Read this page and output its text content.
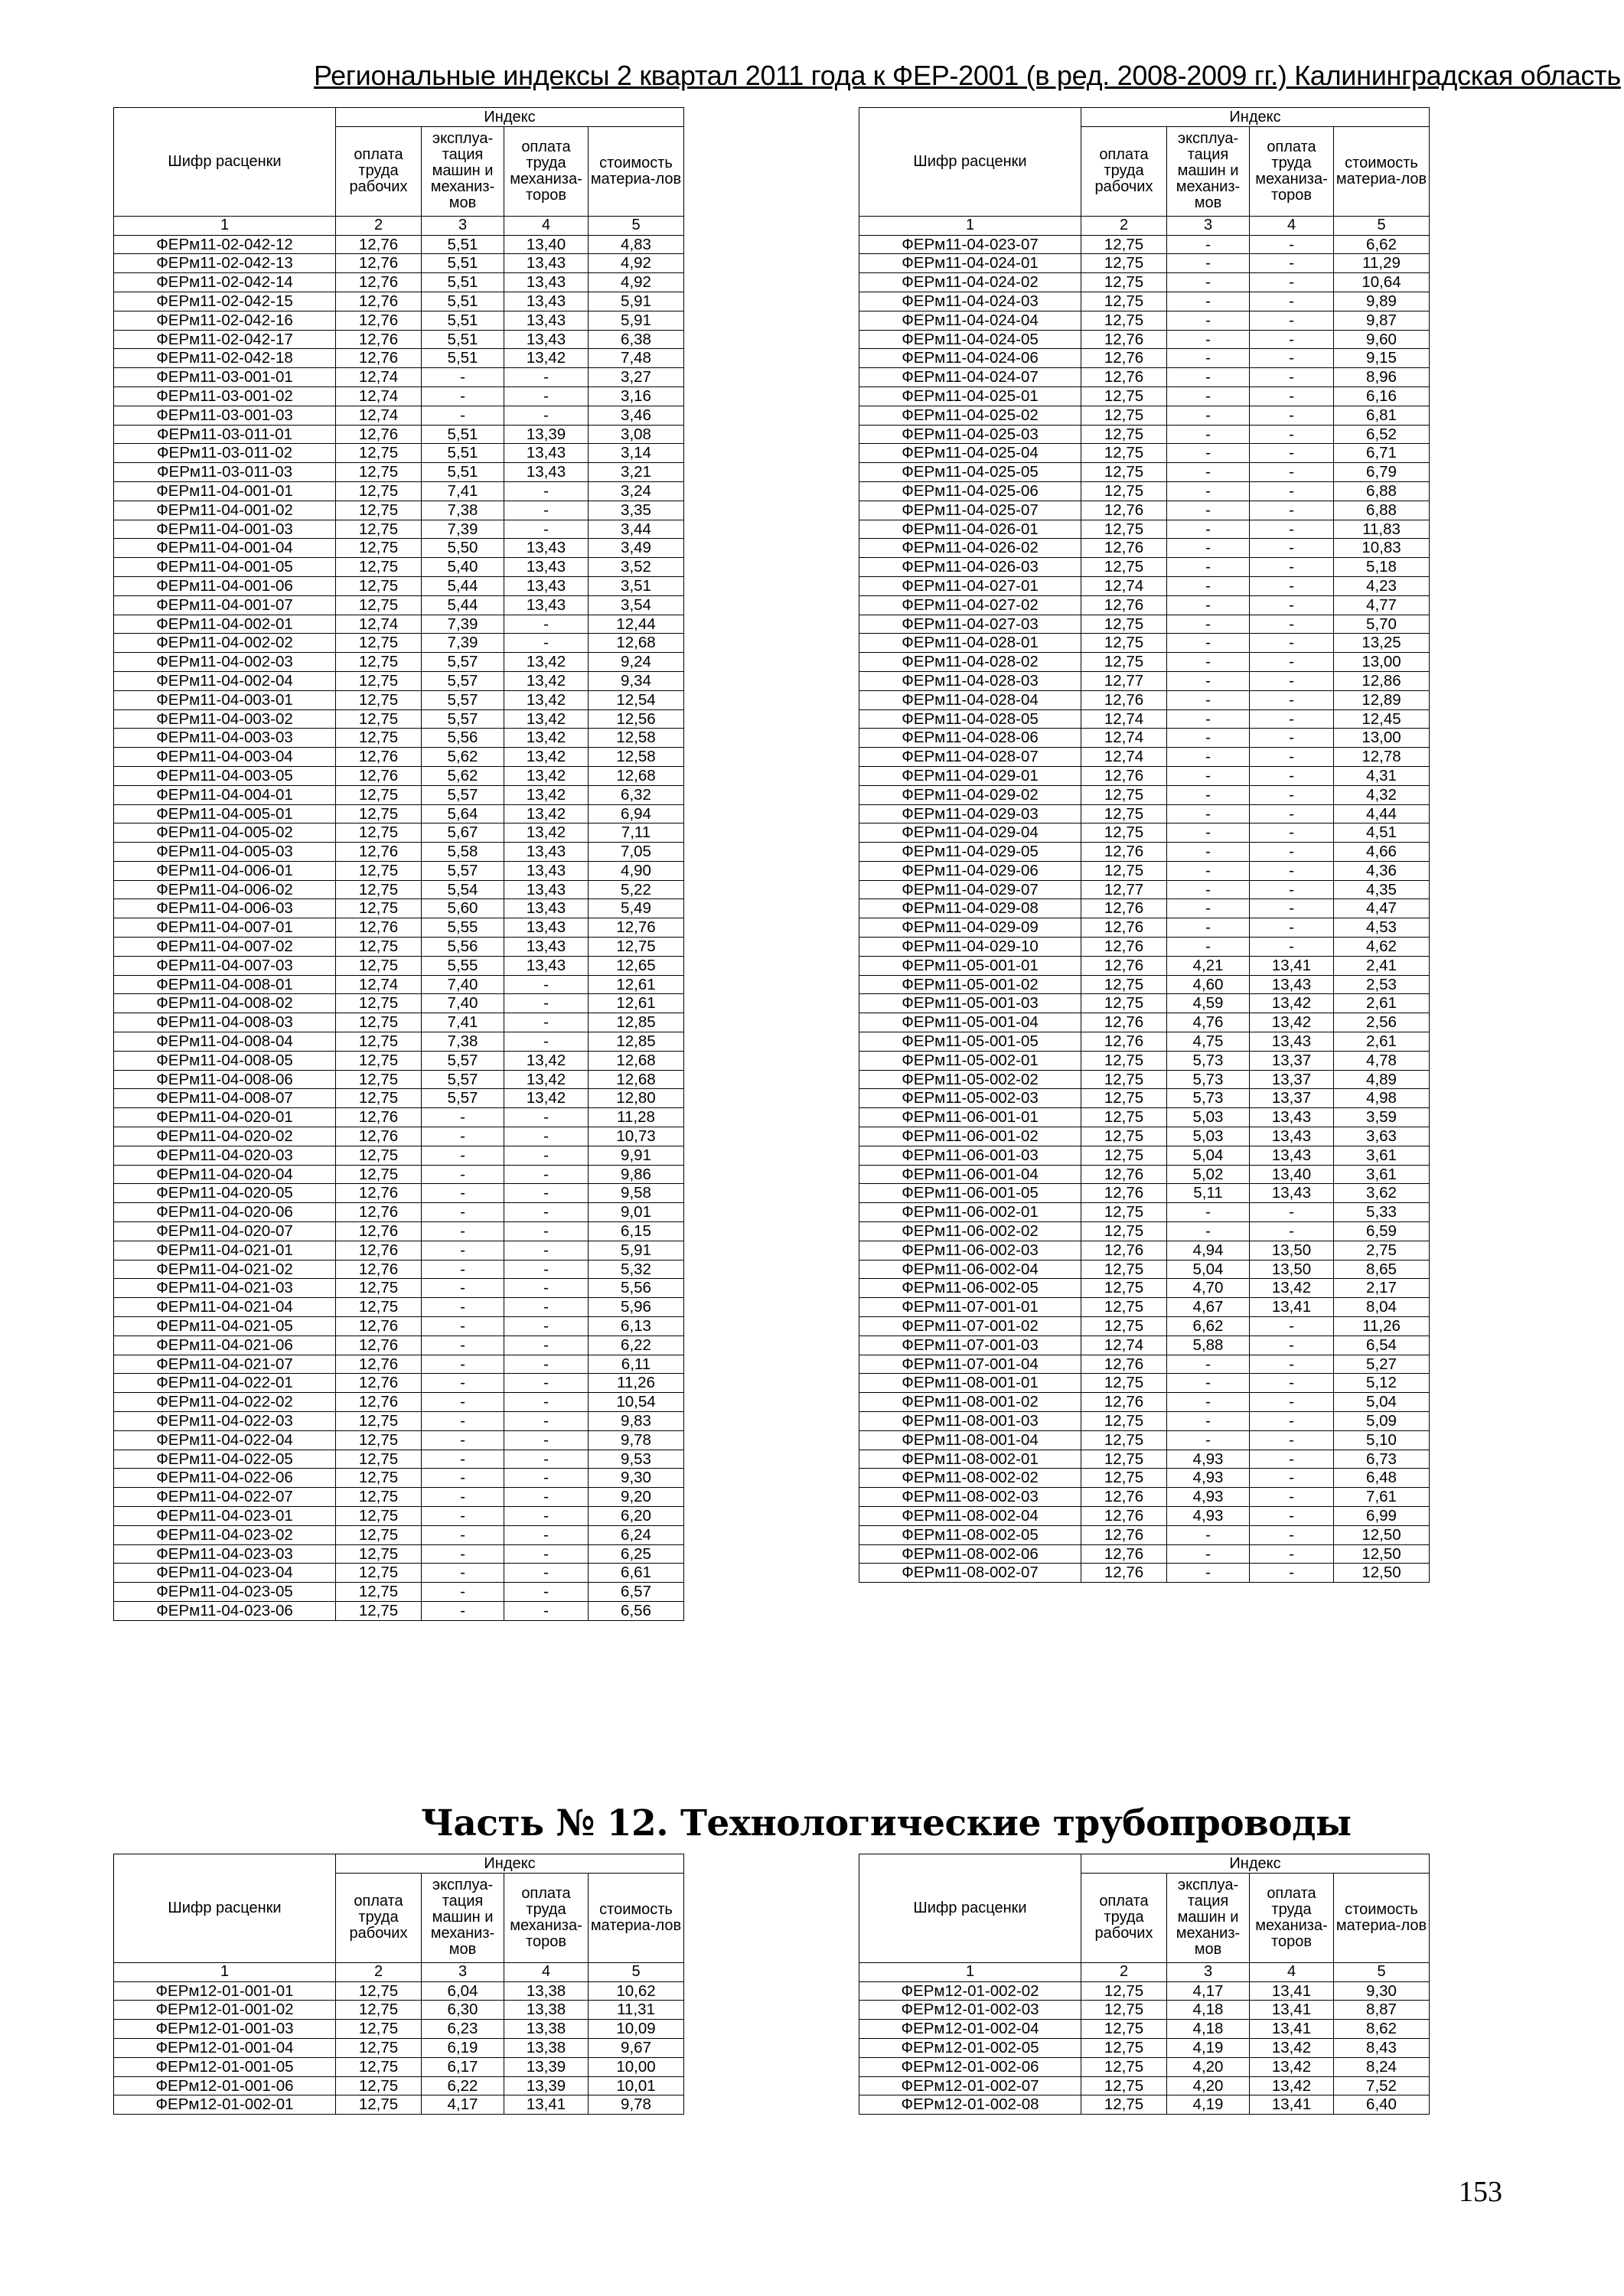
Региональные индексы 2 квартал 2011 года к ФЕР-2001 (в ред. 2008-2009 гг.) Калининградская область
Шифр расценки	Индекс			
	оплата труда рабочих	эксплуа-тация машин и механиз-мов	оплата труда механиза-торов	стоимость материа-лов
1	2	3	4	5
ФЕРм11-02-042-12	12,76	5,51	13,40	4,83
ФЕРм11-02-042-13	12,76	5,51	13,43	4,92
ФЕРм11-02-042-14	12,76	5,51	13,43	4,92
ФЕРм11-02-042-15	12,76	5,51	13,43	5,91
ФЕРм11-02-042-16	12,76	5,51	13,43	5,91
ФЕРм11-02-042-17	12,76	5,51	13,43	6,38
ФЕРм11-02-042-18	12,76	5,51	13,42	7,48
ФЕРм11-03-001-01	12,74	-	-	3,27
ФЕРм11-03-001-02	12,74	-	-	3,16
ФЕРм11-03-001-03	12,74	-	-	3,46
ФЕРм11-03-011-01	12,76	5,51	13,39	3,08
ФЕРм11-03-011-02	12,75	5,51	13,43	3,14
ФЕРм11-03-011-03	12,75	5,51	13,43	3,21
ФЕРм11-04-001-01	12,75	7,41	-	3,24
ФЕРм11-04-001-02	12,75	7,38	-	3,35
ФЕРм11-04-001-03	12,75	7,39	-	3,44
ФЕРм11-04-001-04	12,75	5,50	13,43	3,49
ФЕРм11-04-001-05	12,75	5,40	13,43	3,52
ФЕРм11-04-001-06	12,75	5,44	13,43	3,51
ФЕРм11-04-001-07	12,75	5,44	13,43	3,54
ФЕРм11-04-002-01	12,74	7,39	-	12,44
ФЕРм11-04-002-02	12,75	7,39	-	12,68
ФЕРм11-04-002-03	12,75	5,57	13,42	9,24
ФЕРм11-04-002-04	12,75	5,57	13,42	9,34
ФЕРм11-04-003-01	12,75	5,57	13,42	12,54
ФЕРм11-04-003-02	12,75	5,57	13,42	12,56
ФЕРм11-04-003-03	12,75	5,56	13,42	12,58
ФЕРм11-04-003-04	12,76	5,62	13,42	12,58
ФЕРм11-04-003-05	12,76	5,62	13,42	12,68
ФЕРм11-04-004-01	12,75	5,57	13,42	6,32
ФЕРм11-04-005-01	12,75	5,64	13,42	6,94
ФЕРм11-04-005-02	12,75	5,67	13,42	7,11
ФЕРм11-04-005-03	12,76	5,58	13,43	7,05
ФЕРм11-04-006-01	12,75	5,57	13,43	4,90
ФЕРм11-04-006-02	12,75	5,54	13,43	5,22
ФЕРм11-04-006-03	12,75	5,60	13,43	5,49
ФЕРм11-04-007-01	12,76	5,55	13,43	12,76
ФЕРм11-04-007-02	12,75	5,56	13,43	12,75
ФЕРм11-04-007-03	12,75	5,55	13,43	12,65
ФЕРм11-04-008-01	12,74	7,40	-	12,61
ФЕРм11-04-008-02	12,75	7,40	-	12,61
ФЕРм11-04-008-03	12,75	7,41	-	12,85
ФЕРм11-04-008-04	12,75	7,38	-	12,85
ФЕРм11-04-008-05	12,75	5,57	13,42	12,68
ФЕРм11-04-008-06	12,75	5,57	13,42	12,68
ФЕРм11-04-008-07	12,75	5,57	13,42	12,80
ФЕРм11-04-020-01	12,76	-	-	11,28
ФЕРм11-04-020-02	12,76	-	-	10,73
ФЕРм11-04-020-03	12,75	-	-	9,91
ФЕРм11-04-020-04	12,75	-	-	9,86
ФЕРм11-04-020-05	12,76	-	-	9,58
ФЕРм11-04-020-06	12,76	-	-	9,01
ФЕРм11-04-020-07	12,76	-	-	6,15
ФЕРм11-04-021-01	12,76	-	-	5,91
ФЕРм11-04-021-02	12,76	-	-	5,32
ФЕРм11-04-021-03	12,75	-	-	5,56
ФЕРм11-04-021-04	12,75	-	-	5,96
ФЕРм11-04-021-05	12,76	-	-	6,13
ФЕРм11-04-021-06	12,76	-	-	6,22
ФЕРм11-04-021-07	12,76	-	-	6,11
ФЕРм11-04-022-01	12,76	-	-	11,26
ФЕРм11-04-022-02	12,76	-	-	10,54
ФЕРм11-04-022-03	12,75	-	-	9,83
ФЕРм11-04-022-04	12,75	-	-	9,78
ФЕРм11-04-022-05	12,75	-	-	9,53
ФЕРм11-04-022-06	12,75	-	-	9,30
ФЕРм11-04-022-07	12,75	-	-	9,20
ФЕРм11-04-023-01	12,75	-	-	6,20
ФЕРм11-04-023-02	12,75	-	-	6,24
ФЕРм11-04-023-03	12,75	-	-	6,25
ФЕРм11-04-023-04	12,75	-	-	6,61
ФЕРм11-04-023-05	12,75	-	-	6,57
ФЕРм11-04-023-06	12,75	-	-	6,56
Шифр расценки	Индекс			
	оплата труда рабочих	эксплуа-тация машин и механиз-мов	оплата труда механиза-торов	стоимость материа-лов
1	2	3	4	5
ФЕРм11-04-023-07	12,75	-	-	6,62
ФЕРм11-04-024-01	12,75	-	-	11,29
ФЕРм11-04-024-02	12,75	-	-	10,64
ФЕРм11-04-024-03	12,75	-	-	9,89
ФЕРм11-04-024-04	12,75	-	-	9,87
ФЕРм11-04-024-05	12,76	-	-	9,60
ФЕРм11-04-024-06	12,76	-	-	9,15
ФЕРм11-04-024-07	12,76	-	-	8,96
ФЕРм11-04-025-01	12,75	-	-	6,16
ФЕРм11-04-025-02	12,75	-	-	6,81
ФЕРм11-04-025-03	12,75	-	-	6,52
ФЕРм11-04-025-04	12,75	-	-	6,71
ФЕРм11-04-025-05	12,75	-	-	6,79
ФЕРм11-04-025-06	12,75	-	-	6,88
ФЕРм11-04-025-07	12,76	-	-	6,88
ФЕРм11-04-026-01	12,75	-	-	11,83
ФЕРм11-04-026-02	12,76	-	-	10,83
ФЕРм11-04-026-03	12,75	-	-	5,18
ФЕРм11-04-027-01	12,74	-	-	4,23
ФЕРм11-04-027-02	12,76	-	-	4,77
ФЕРм11-04-027-03	12,75	-	-	5,70
ФЕРм11-04-028-01	12,75	-	-	13,25
ФЕРм11-04-028-02	12,75	-	-	13,00
ФЕРм11-04-028-03	12,77	-	-	12,86
ФЕРм11-04-028-04	12,76	-	-	12,89
ФЕРм11-04-028-05	12,74	-	-	12,45
ФЕРм11-04-028-06	12,74	-	-	13,00
ФЕРм11-04-028-07	12,74	-	-	12,78
ФЕРм11-04-029-01	12,76	-	-	4,31
ФЕРм11-04-029-02	12,75	-	-	4,32
ФЕРм11-04-029-03	12,75	-	-	4,44
ФЕРм11-04-029-04	12,75	-	-	4,51
ФЕРм11-04-029-05	12,76	-	-	4,66
ФЕРм11-04-029-06	12,75	-	-	4,36
ФЕРм11-04-029-07	12,77	-	-	4,35
ФЕРм11-04-029-08	12,76	-	-	4,47
ФЕРм11-04-029-09	12,76	-	-	4,53
ФЕРм11-04-029-10	12,76	-	-	4,62
ФЕРм11-05-001-01	12,76	4,21	13,41	2,41
ФЕРм11-05-001-02	12,75	4,60	13,43	2,53
ФЕРм11-05-001-03	12,75	4,59	13,42	2,61
ФЕРм11-05-001-04	12,76	4,76	13,42	2,56
ФЕРм11-05-001-05	12,76	4,75	13,43	2,61
ФЕРм11-05-002-01	12,75	5,73	13,37	4,78
ФЕРм11-05-002-02	12,75	5,73	13,37	4,89
ФЕРм11-05-002-03	12,75	5,73	13,37	4,98
ФЕРм11-06-001-01	12,75	5,03	13,43	3,59
ФЕРм11-06-001-02	12,75	5,03	13,43	3,63
ФЕРм11-06-001-03	12,75	5,04	13,43	3,61
ФЕРм11-06-001-04	12,76	5,02	13,40	3,61
ФЕРм11-06-001-05	12,76	5,11	13,43	3,62
ФЕРм11-06-002-01	12,75	-	-	5,33
ФЕРм11-06-002-02	12,75	-	-	6,59
ФЕРм11-06-002-03	12,76	4,94	13,50	2,75
ФЕРм11-06-002-04	12,75	5,04	13,50	8,65
ФЕРм11-06-002-05	12,75	4,70	13,42	2,17
ФЕРм11-07-001-01	12,75	4,67	13,41	8,04
ФЕРм11-07-001-02	12,75	6,62	-	11,26
ФЕРм11-07-001-03	12,74	5,88	-	6,54
ФЕРм11-07-001-04	12,76	-	-	5,27
ФЕРм11-08-001-01	12,75	-	-	5,12
ФЕРм11-08-001-02	12,76	-	-	5,04
ФЕРм11-08-001-03	12,75	-	-	5,09
ФЕРм11-08-001-04	12,75	-	-	5,10
ФЕРм11-08-002-01	12,75	4,93	-	6,73
ФЕРм11-08-002-02	12,75	4,93	-	6,48
ФЕРм11-08-002-03	12,76	4,93	-	7,61
ФЕРм11-08-002-04	12,76	4,93	-	6,99
ФЕРм11-08-002-05	12,76	-	-	12,50
ФЕРм11-08-002-06	12,76	-	-	12,50
ФЕРм11-08-002-07	12,76	-	-	12,50
Часть № 12. Технологические трубопроводы
Шифр расценки	Индекс			
	оплата труда рабочих	эксплуа-тация машин и механиз-мов	оплата труда механиза-торов	стоимость материа-лов
1	2	3	4	5
ФЕРм12-01-001-01	12,75	6,04	13,38	10,62
ФЕРм12-01-001-02	12,75	6,30	13,38	11,31
ФЕРм12-01-001-03	12,75	6,23	13,38	10,09
ФЕРм12-01-001-04	12,75	6,19	13,38	9,67
ФЕРм12-01-001-05	12,75	6,17	13,39	10,00
ФЕРм12-01-001-06	12,75	6,22	13,39	10,01
ФЕРм12-01-002-01	12,75	4,17	13,41	9,78
Шифр расценки	Индекс			
	оплата труда рабочих	эксплуа-тация машин и механиз-мов	оплата труда механиза-торов	стоимость материа-лов
1	2	3	4	5
ФЕРм12-01-002-02	12,75	4,17	13,41	9,30
ФЕРм12-01-002-03	12,75	4,18	13,41	8,87
ФЕРм12-01-002-04	12,75	4,18	13,41	8,62
ФЕРм12-01-002-05	12,75	4,19	13,42	8,43
ФЕРм12-01-002-06	12,75	4,20	13,42	8,24
ФЕРм12-01-002-07	12,75	4,20	13,42	7,52
ФЕРм12-01-002-08	12,75	4,19	13,41	6,40
153
